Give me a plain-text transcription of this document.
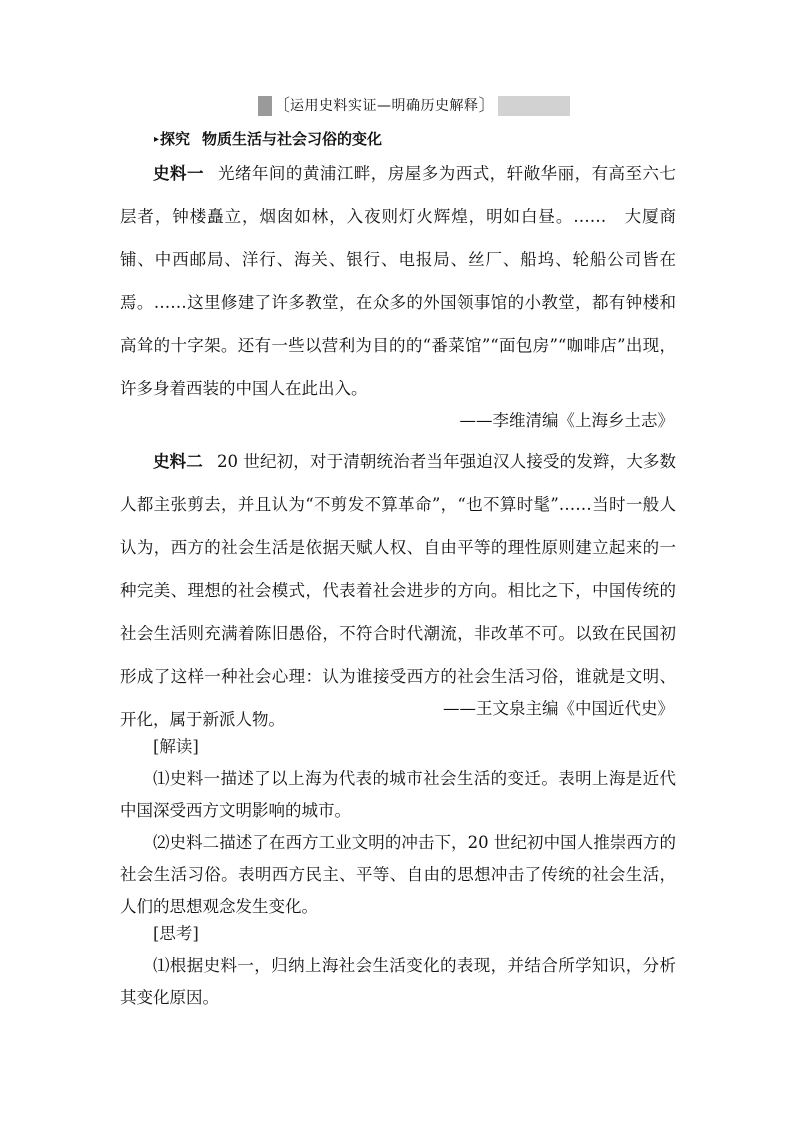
〔 运用史料实证—明确历史解释 〕
▸探究 物质生活与社会习俗的变化

史料一 光绪年间的黄浦江畔，房屋多为西式，轩敞华丽，有高至六七层者，钟楼矗立，烟囱如林，入夜则灯火辉煌，明如白昼。……　大厦商铺、中西邮局、洋行、海关、银行、电报局、丝厂、船坞、轮船公司皆在焉。……这里修建了许多教堂，在众多的外国领事馆的小教堂，都有钟楼和高耸的十字架。还有一些以营利为目的的“番菜馆”“面包房”“咖啡店”出现，许多身着西装的中国人在此出入。

——李维清编《上海乡土志》

史料二 20 世纪初，对于清朝统治者当年强迫汉人接受的发辫，大多数人都主张剪去，并且认为“不剪发不算革命”，“也不算时髦”……当时一般人认为，西方的社会生活是依据天赋人权、自由平等的理性原则建立起来的一种完美、理想的社会模式，代表着社会进步的方向。相比之下，中国传统的社会生活则充满着陈旧愚俗，不符合时代潮流，非改革不可。以致在民国初形成了这样一种社会心理：认为谁接受西方的社会生活习俗，谁就是文明、开化，属于新派人物。

——王文泉主编《中国近代史》
[解读]

⑴史料一描述了以上海为代表的城市社会生活的变迁。表明上海是近代中国深受西方文明影响的城市。

⑵史料二描述了在西方工业文明的冲击下，20 世纪初中国人推崇西方的社会生活习俗。表明西方民主、平等、自由的思想冲击了传统的社会生活，人们的思想观念发生变化。

[思考]

⑴根据史料一，归纳上海社会生活变化的表现，并结合所学知识，分析其变化原因。
